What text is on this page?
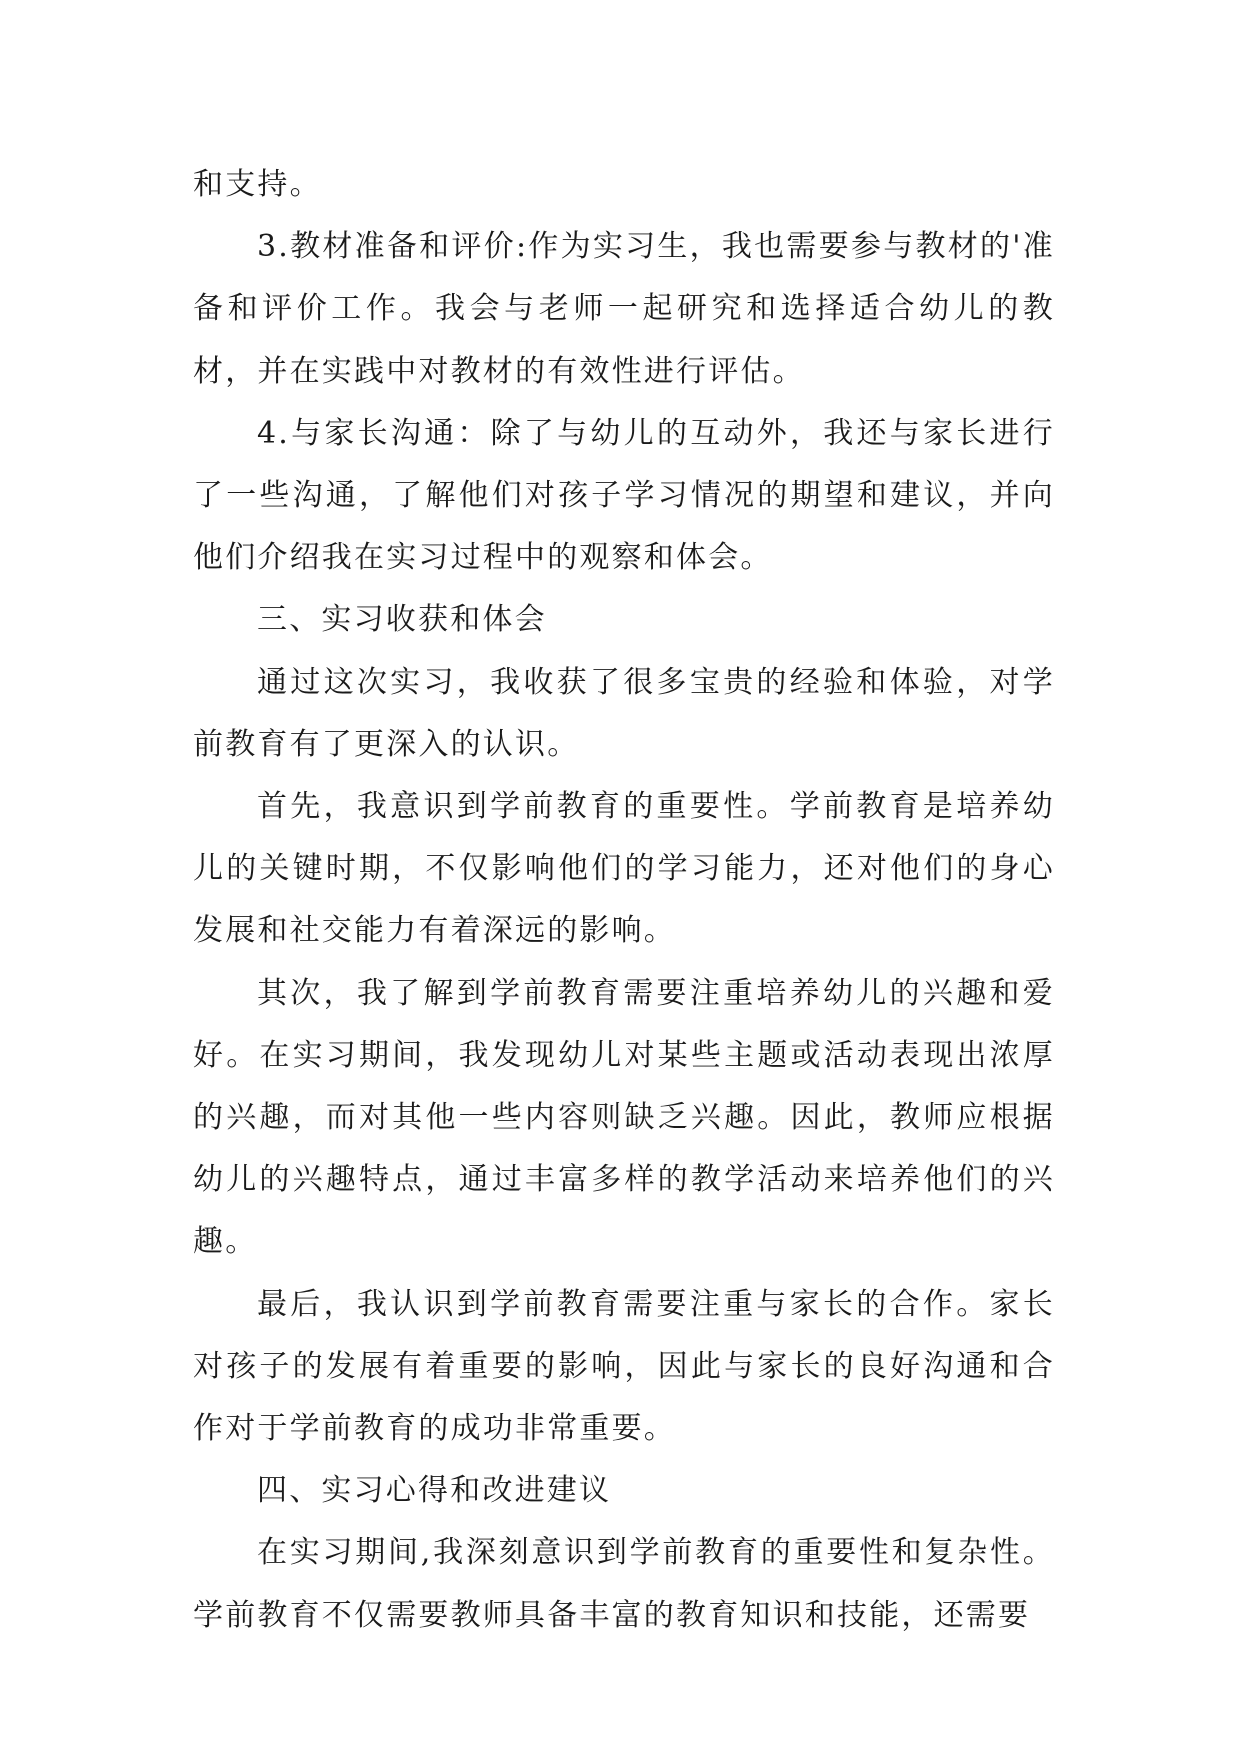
和支持。

3.教材准备和评价:作为实习生，我也需要参与教材的'准备和评价工作。我会与老师一起研究和选择适合幼儿的教材，并在实践中对教材的有效性进行评估。

4.与家长沟通：除了与幼儿的互动外，我还与家长进行了一些沟通，了解他们对孩子学习情况的期望和建议，并向他们介绍我在实习过程中的观察和体会。

三、实习收获和体会

通过这次实习，我收获了很多宝贵的经验和体验，对学前教育有了更深入的认识。

首先，我意识到学前教育的重要性。学前教育是培养幼儿的关键时期，不仅影响他们的学习能力，还对他们的身心发展和社交能力有着深远的影响。

其次，我了解到学前教育需要注重培养幼儿的兴趣和爱好。在实习期间，我发现幼儿对某些主题或活动表现出浓厚的兴趣，而对其他一些内容则缺乏兴趣。因此，教师应根据幼儿的兴趣特点，通过丰富多样的教学活动来培养他们的兴趣。

最后，我认识到学前教育需要注重与家长的合作。家长对孩子的发展有着重要的影响，因此与家长的良好沟通和合作对于学前教育的成功非常重要。

四、实习心得和改进建议

在实习期间,我深刻意识到学前教育的重要性和复杂性。学前教育不仅需要教师具备丰富的教育知识和技能，还需要
